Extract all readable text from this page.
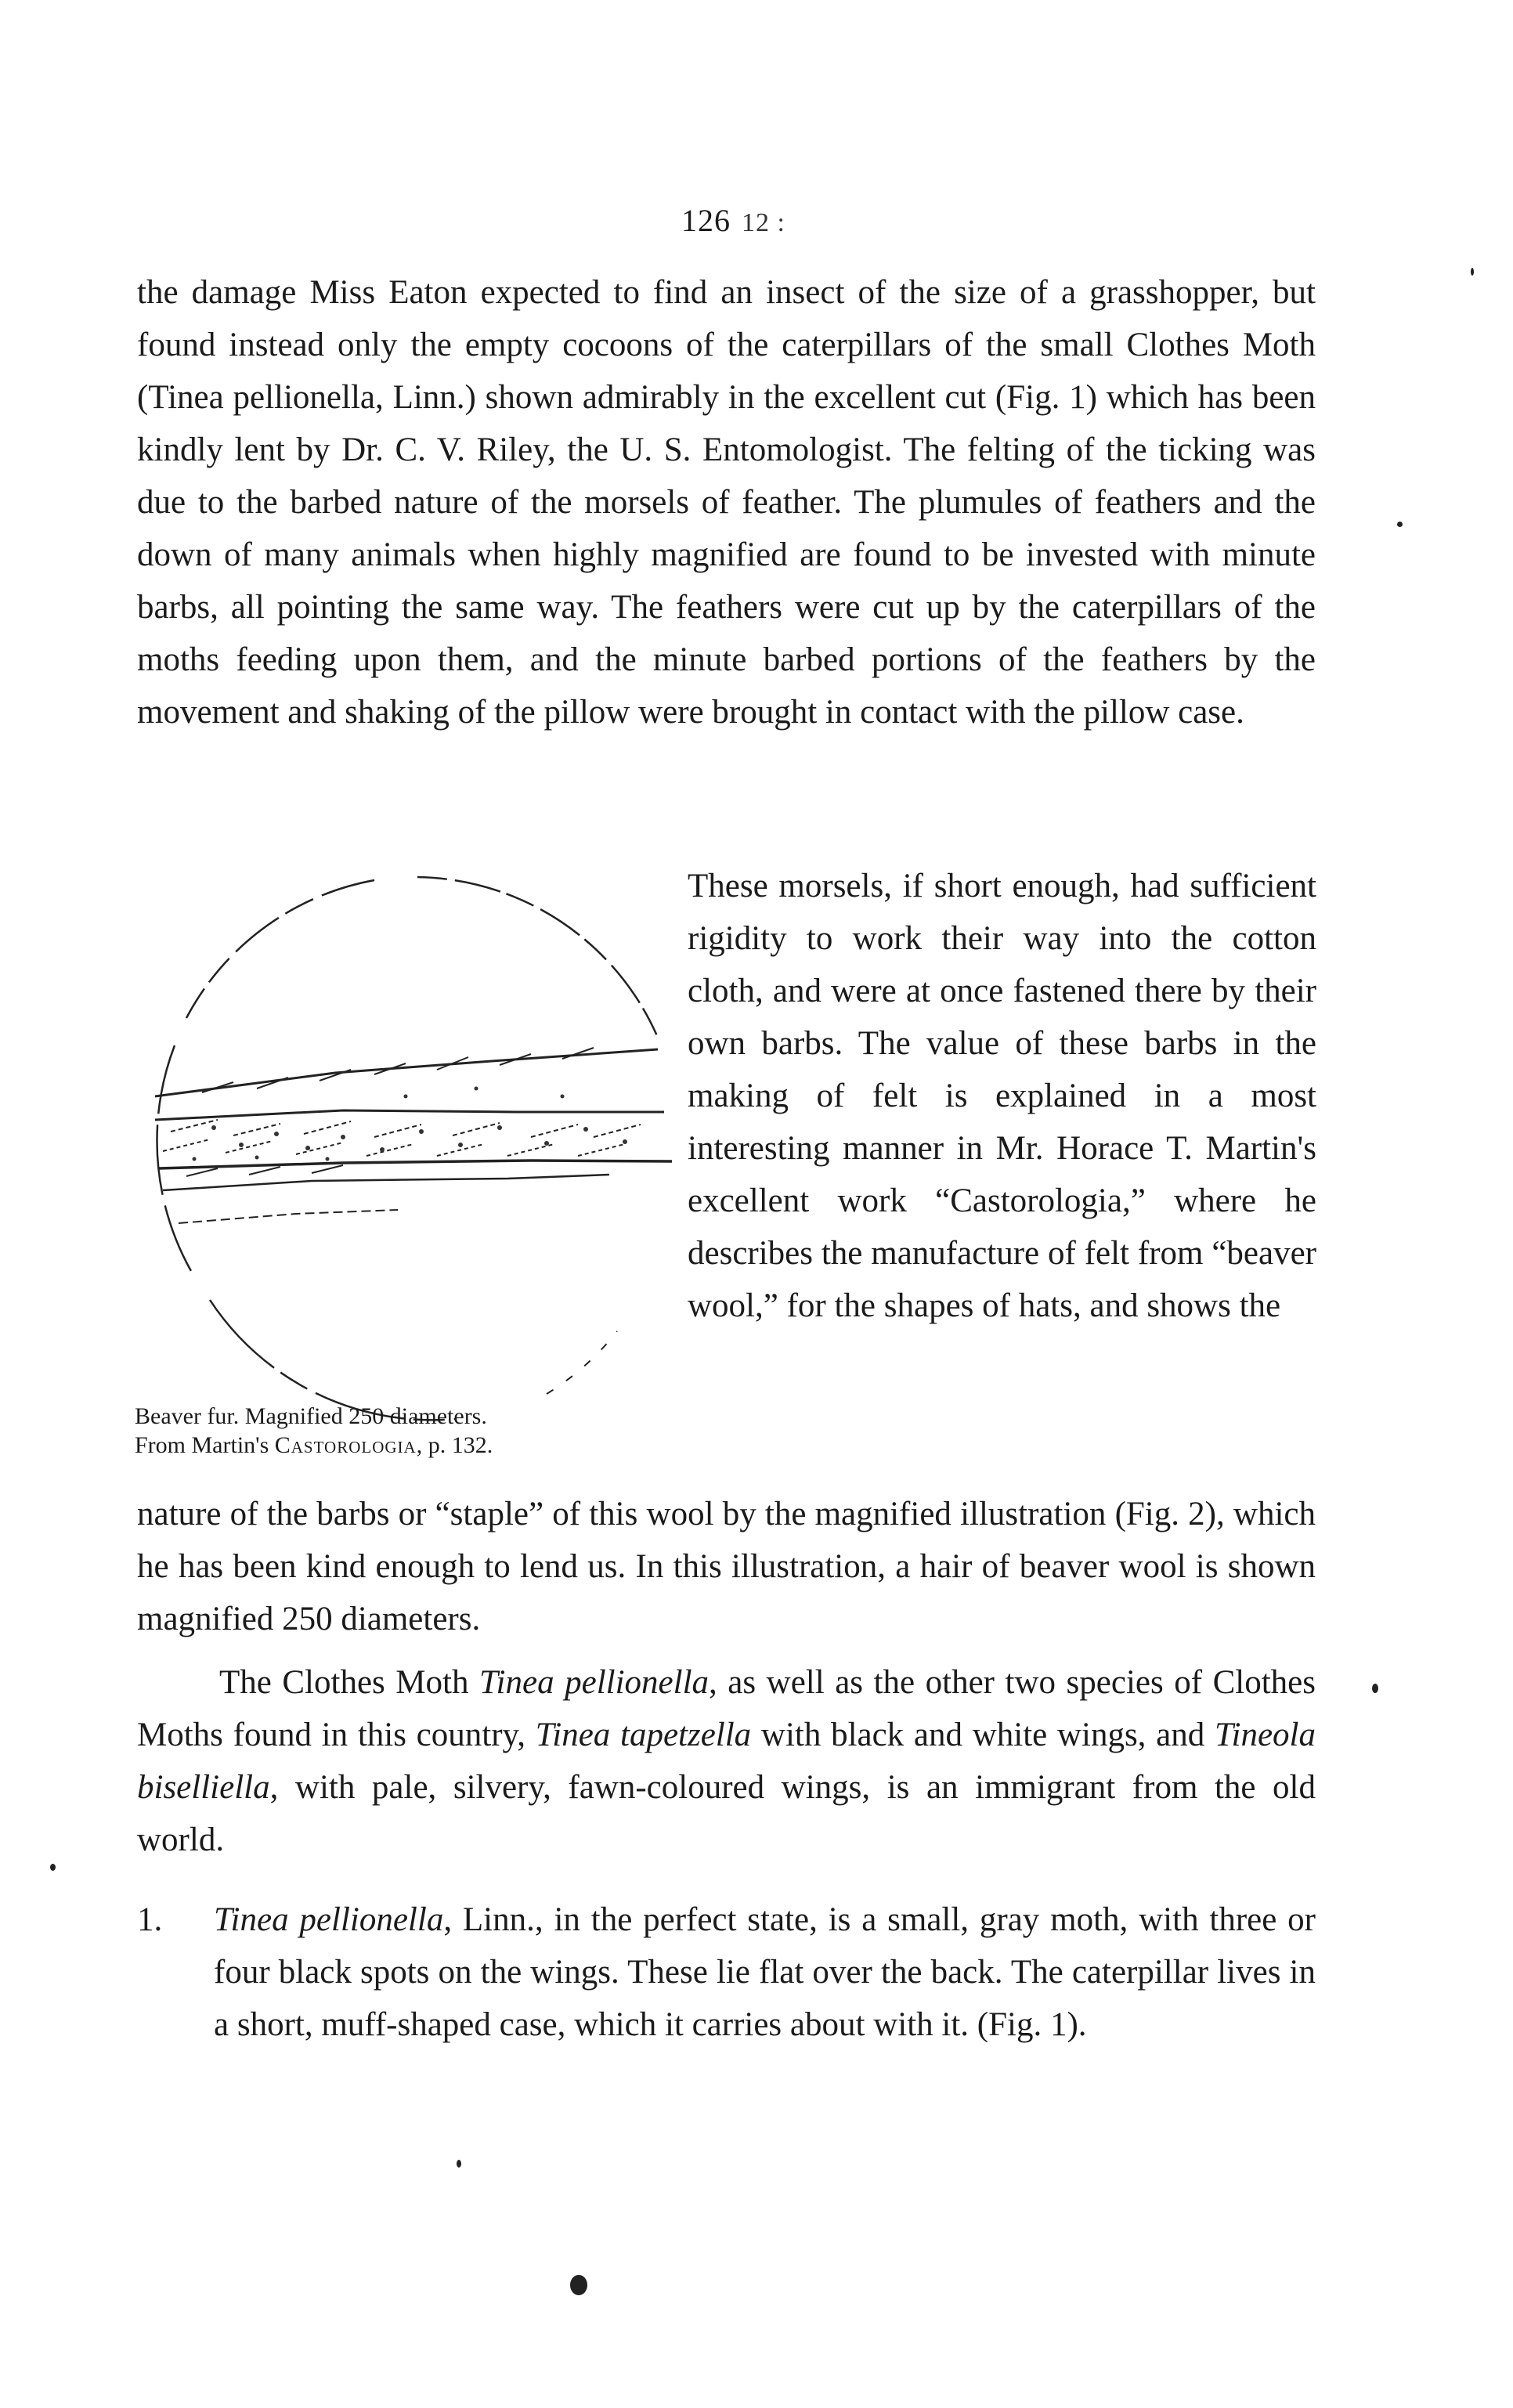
126 12 :

the damage Miss Eaton expected to find an insect of the size of a grasshopper, but found instead only the empty cocoons of the caterpillars of the small Clothes Moth (Tinea pellionella, Linn.) shown admirably in the excellent cut (Fig. 1) which has been kindly lent by Dr. C. V. Riley, the U. S. Entomologist. The felting of the ticking was due to the barbed nature of the morsels of feather. The plumules of feathers and the down of many animals when highly magnified are found to be invested with minute barbs, all pointing the same way. The feathers were cut up by the caterpillars of the moths feeding upon them, and the minute barbed portions of the feathers by the movement and shaking of the pillow were brought in contact with the pillow case.

Beaver fur. Magnified 250 diameters.
From Martin's Castorologia, p. 132.

These morsels, if short enough, had sufficient rigidity to work their way into the cotton cloth, and were at once fastened there by their own barbs. The value of these barbs in the making of felt is explained in a most interesting manner in Mr. Horace T. Martin's excellent work “Castorologia,” where he describes the manufacture of felt from “beaver wool,” for the shapes of hats, and shows the

nature of the barbs or “staple” of this wool by the magnified illustration (Fig. 2), which he has been kind enough to lend us. In this illustration, a hair of beaver wool is shown magnified 250 diameters.

The Clothes Moth Tinea pellionella, as well as the other two species of Clothes Moths found in this country, Tinea tapetzella with black and white wings, and Tineola biselliella, with pale, silvery, fawn-coloured wings, is an immigrant from the old world.

1. Tinea pellionella, Linn., in the perfect state, is a small, gray moth, with three or four black spots on the wings. These lie flat over the back. The caterpillar lives in a short, muff-shaped case, which it carries about with it. (Fig. 1).
